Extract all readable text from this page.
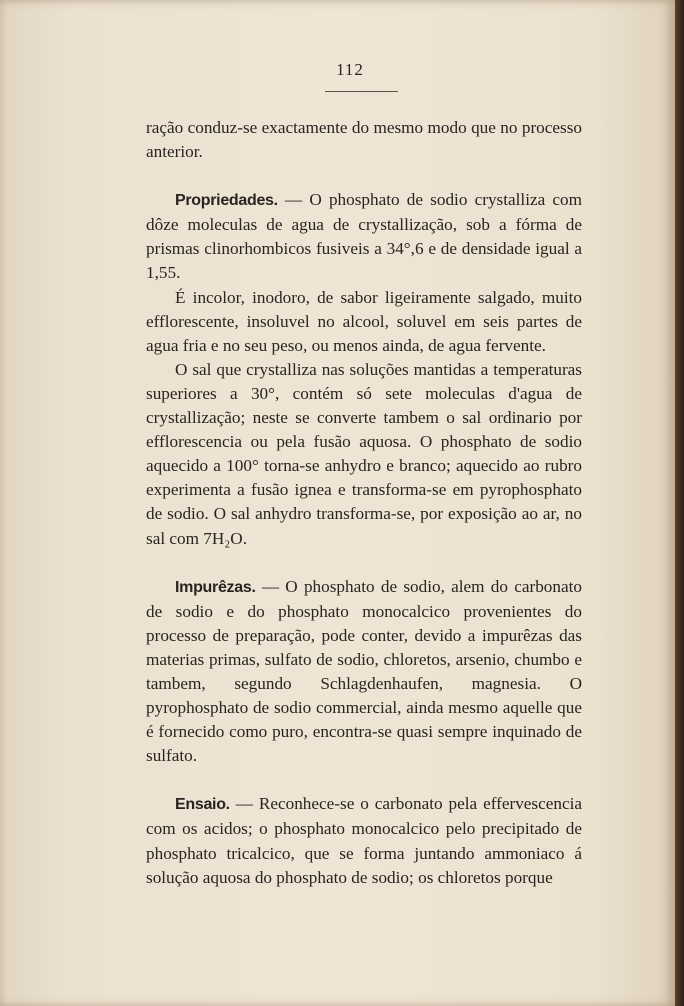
112

ração conduz-se exactamente do mesmo modo que no processo anterior.

Propriedades. — O phosphato de sodio crystalliza com dôze moleculas de agua de crystallização, sob a fórma de prismas clinorhombicos fusiveis a 34°,6 e de densidade igual a 1,55.

É incolor, inodoro, de sabor ligeiramente salgado, muito efflorescente, insoluvel no alcool, soluvel em seis partes de agua fria e no seu peso, ou menos ainda, de agua fervente.

O sal que crystalliza nas soluções mantidas a temperaturas superiores a 30°, contém só sete moleculas d'agua de crystallização; neste se converte tambem o sal ordinario por efflorescencia ou pela fusão aquosa. O phosphato de sodio aquecido a 100° torna-se anhydro e branco; aquecido ao rubro experimenta a fusão ignea e transforma-se em pyrophosphato de sodio. O sal anhydro transforma-se, por exposição ao ar, no sal com 7H₂O.

Impurêzas. — O phosphato de sodio, alem do carbonato de sodio e do phosphato monocalcico provenientes do processo de preparação, pode conter, devido a impurêzas das materias primas, sulfato de sodio, chloretos, arsenio, chumbo e tambem, segundo Schlagdenhaufen, magnesia. O pyrophosphato de sodio commercial, ainda mesmo aquelle que é fornecido como puro, encontra-se quasi sempre inquinado de sulfato.

Ensaio. — Reconhece-se o carbonato pela effervescencia com os acidos; o phosphato monocalcico pelo precipitado de phosphato tricalcico, que se forma juntando ammoniaco á solução aquosa do phosphato de sodio; os chloretos porque
